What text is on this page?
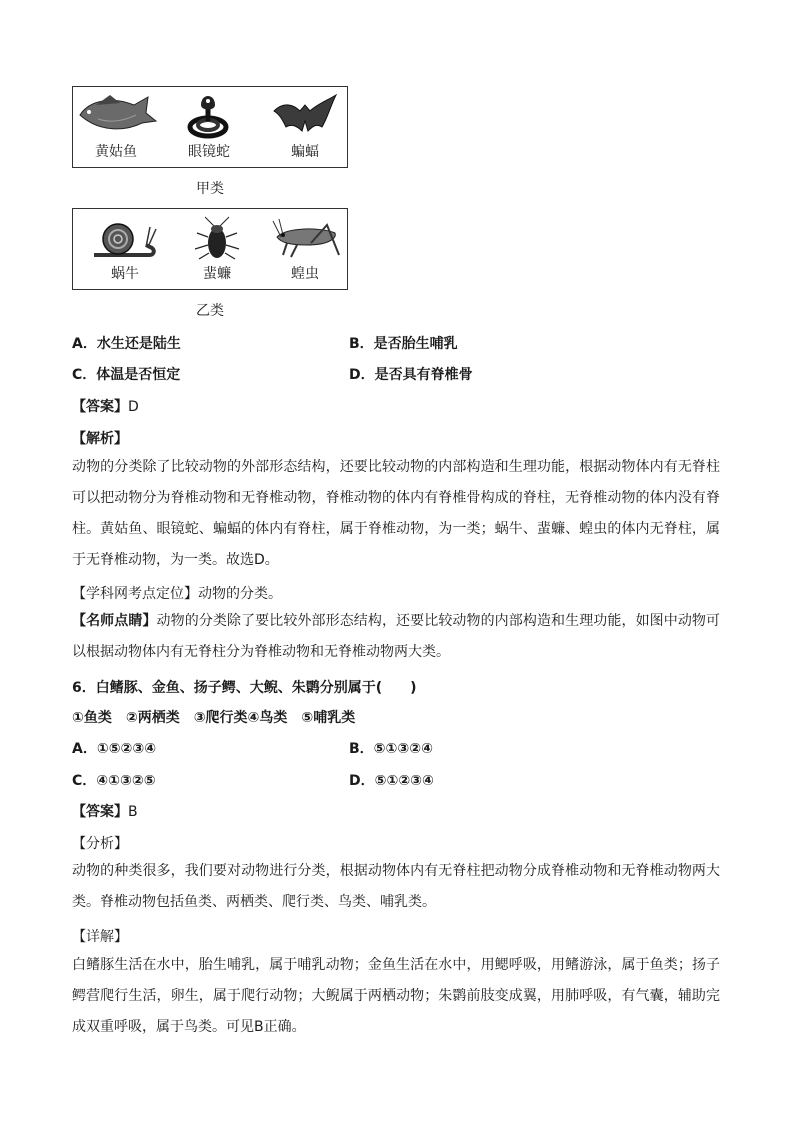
黄姑鱼	眼镜蛇	蝙蝠
甲类
蜗牛	蜚蠊	蝗虫
乙类
A．水生还是陆生	B．是否胎生哺乳
C．体温是否恒定	D．是否具有脊椎骨
【答案】D
【解析】
动物的分类除了比较动物的外部形态结构，还要比较动物的内部构造和生理功能，根据动物体内有无脊柱可以把动物分为脊椎动物和无脊椎动物，脊椎动物的体内有脊椎骨构成的脊柱，无脊椎动物的体内没有脊柱。黄姑鱼、眼镜蛇、蝙蝠的体内有脊柱，属于脊椎动物，为一类；蜗牛、蜚蠊、蝗虫的体内无脊柱，属于无脊椎动物，为一类。故选D。
【学科网考点定位】动物的分类。
【名师点睛】动物的分类除了要比较外部形态结构，还要比较动物的内部构造和生理功能，如图中动物可以根据动物体内有无脊柱分为脊椎动物和无脊椎动物两大类。
6．白鳍豚、金鱼、扬子鳄、大鲵、朱鹮分别属于(　　)
①鱼类　②两栖类　③爬行类④鸟类　⑤哺乳类
A．①⑤②③④	B．⑤①③②④
C．④①③②⑤	D．⑤①②③④
【答案】B
【分析】
动物的种类很多，我们要对动物进行分类，根据动物体内有无脊柱把动物分成脊椎动物和无脊椎动物两大类。脊椎动物包括鱼类、两栖类、爬行类、鸟类、哺乳类。
【详解】
白鳍豚生活在水中，胎生哺乳，属于哺乳动物；金鱼生活在水中，用鳃呼吸，用鳍游泳，属于鱼类；扬子鳄营爬行生活，卵生，属于爬行动物；大鲵属于两栖动物；朱鹮前肢变成翼，用肺呼吸，有气囊，辅助完成双重呼吸，属于鸟类。可见B正确。
